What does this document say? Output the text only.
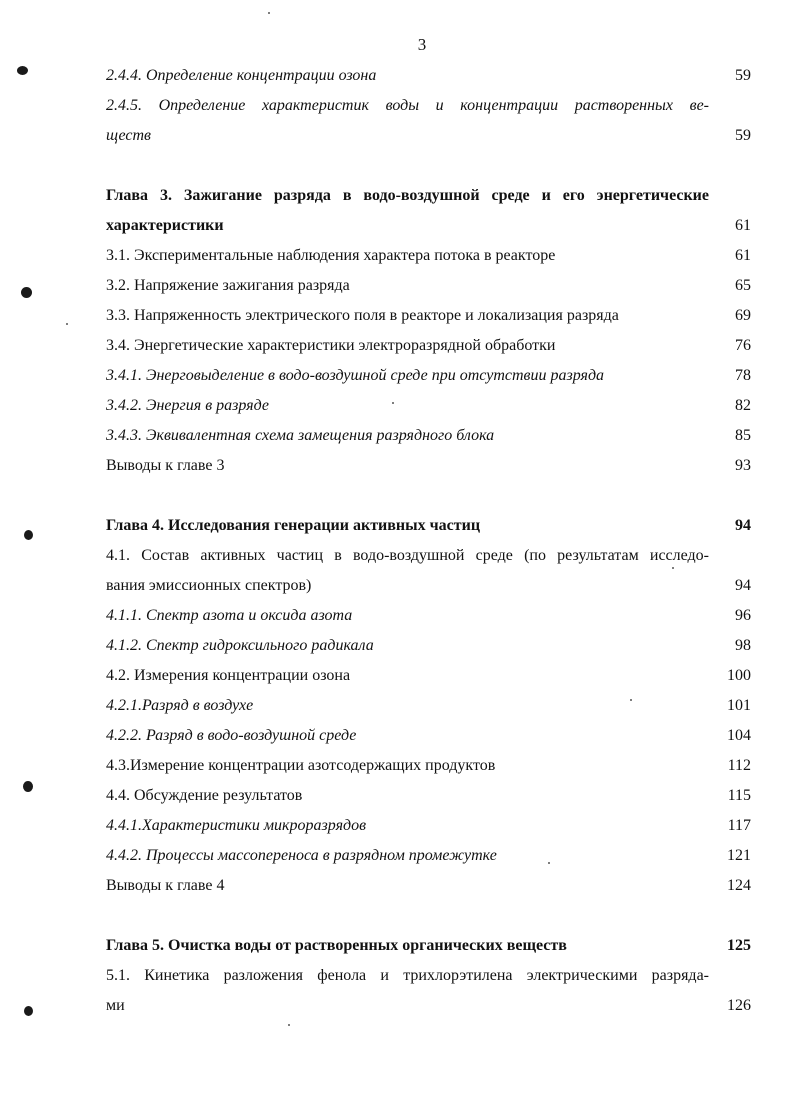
3
2.4.4. Определение концентрации озона	59
2.4.5. Определение характеристик воды и концентрации растворенных ве-
ществ	59
Глава 3. Зажигание разряда в водо-воздушной среде и его энергетические
характеристики	61
3.1. Экспериментальные наблюдения характера потока в реакторе	61
3.2. Напряжение зажигания разряда	65
3.3. Напряженность электрического поля в реакторе и локализация разряда	69
3.4. Энергетические характеристики электроразрядной обработки	76
3.4.1. Энерговыделение в водо-воздушной среде при отсутствии разряда	78
3.4.2. Энергия в разряде	82
3.4.3. Эквивалентная схема замещения разрядного блока	85
Выводы к главе 3	93
Глава 4. Исследования генерации активных частиц	94
4.1. Состав активных частиц в водо-воздушной среде (по результатам исследо-
вания эмиссионных спектров)	94
4.1.1. Спектр азота и оксида азота	96
4.1.2. Спектр гидроксильного радикала	98
4.2. Измерения концентрации озона	100
4.2.1.Разряд в воздухе	101
4.2.2. Разряд в водо-воздушной среде	104
4.3.Измерение концентрации азотсодержащих продуктов	112
4.4. Обсуждение результатов	115
4.4.1.Характеристики микроразрядов	117
4.4.2. Процессы массопереноса в разрядном промежутке	121
Выводы к главе 4	124
Глава 5. Очистка воды от растворенных органических веществ	125
5.1. Кинетика разложения фенола и трихлорэтилена электрическими разряда-
ми	126
